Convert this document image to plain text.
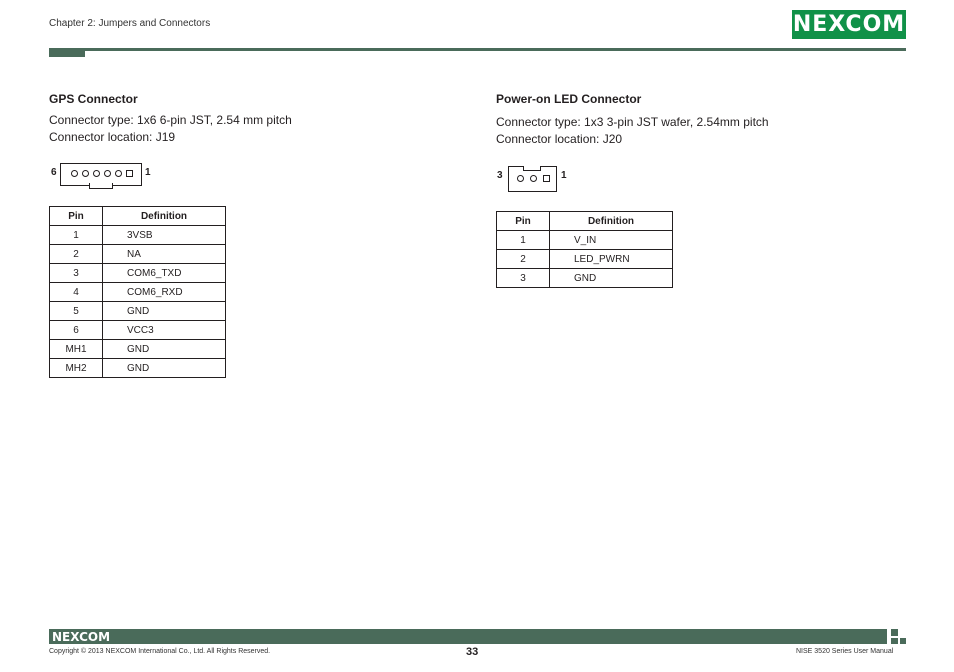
Chapter 2: Jumpers and Connectors	NEXCOM
GPS Connector
Connector type: 1x6 6-pin JST, 2.54 mm pitch
Connector location: J19
6	1
Pin	Definition
1	3VSB
2	NA
3	COM6_TXD
4	COM6_RXD
5	GND
6	VCC3
MH1	GND
MH2	GND
Power-on LED Connector
Connector type: 1x3 3-pin JST wafer, 2.54mm pitch
Connector location: J20
3	1
Pin	Definition
1	V_IN
2	LED_PWRN
3	GND
NEXCOM
Copyright © 2013 NEXCOM International Co., Ltd. All Rights Reserved.	33	NISE 3520 Series User Manual
